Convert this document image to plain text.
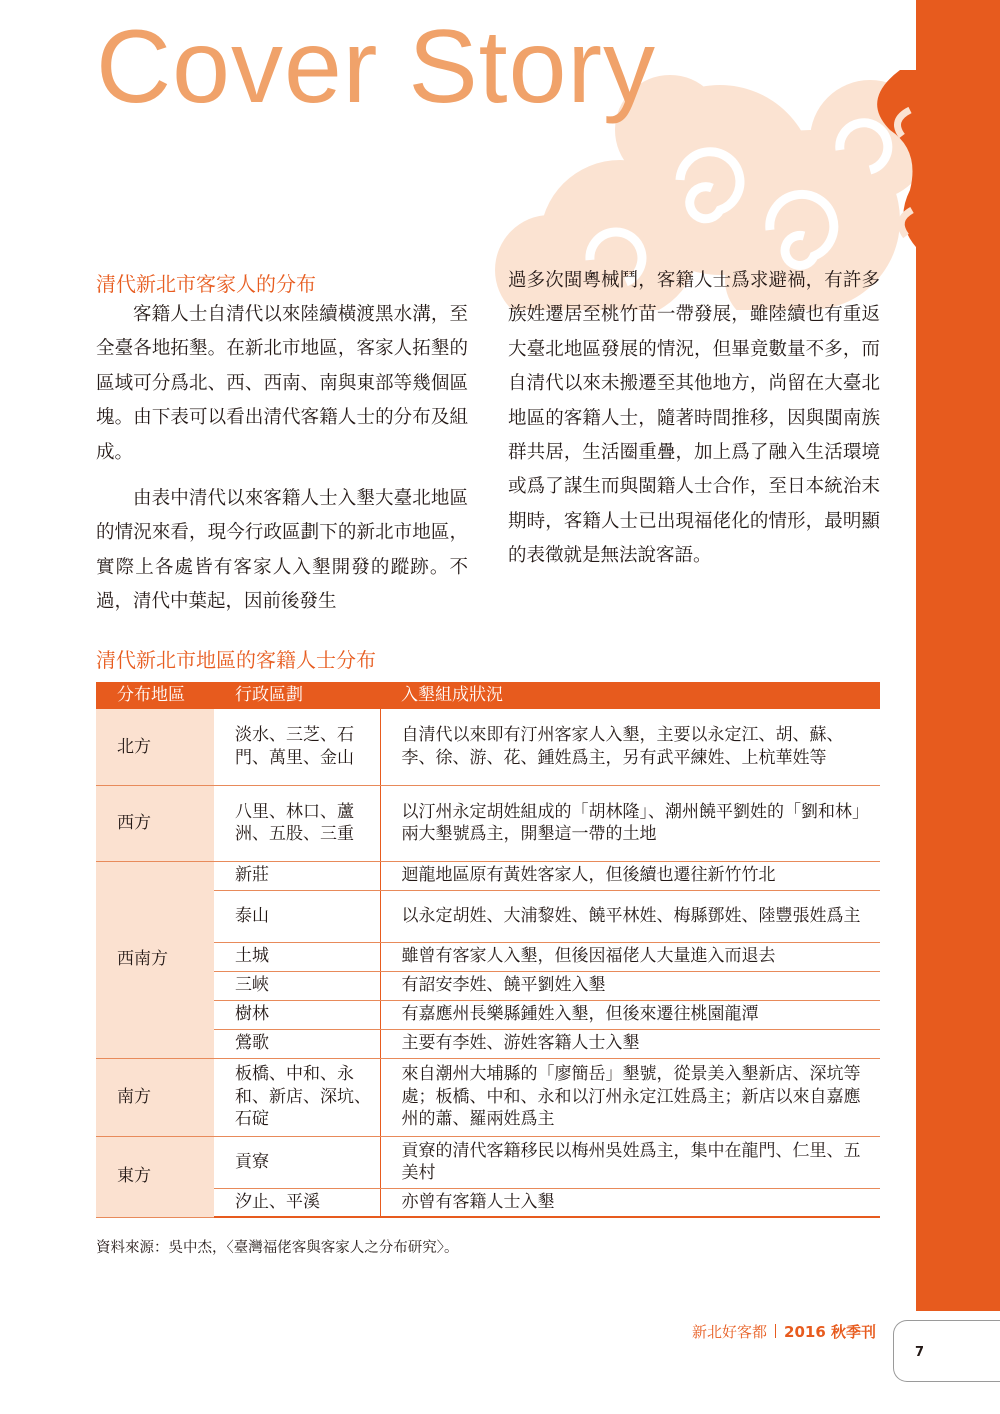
Cover Story
清代新北市客家人的分布

客籍人士自清代以來陸續橫渡黑水溝，至全臺各地拓墾。在新北市地區，客家人拓墾的區域可分爲北、西、西南、南與東部等幾個區塊。由下表可以看出清代客籍人士的分布及組成。

由表中清代以來客籍人士入墾大臺北地區的情況來看，現今行政區劃下的新北市地區，實際上各處皆有客家人入墾開發的蹤跡。不過，清代中葉起，因前後發生

過多次閩粵械鬥，客籍人士爲求避禍，有許多族姓遷居至桃竹苗一帶發展，雖陸續也有重返大臺北地區發展的情況，但畢竟數量不多，而自清代以來未搬遷至其他地方，尚留在大臺北地區的客籍人士，隨著時間推移，因與閩南族群共居，生活圈重疊，加上爲了融入生活環境或爲了謀生而與閩籍人士合作，至日本統治末期時，客籍人士已出現福佬化的情形，最明顯的表徵就是無法說客語。

清代新北市地區的客籍人士分布
分布地區	行政區劃	入墾組成狀況
北方	淡水、三芝、石門、萬里、金山	自清代以來即有汀州客家人入墾，主要以永定江、胡、蘇、李、徐、游、花、鍾姓爲主，另有武平練姓、上杭華姓等
西方	八里、林口、蘆洲、五股、三重	以汀州永定胡姓組成的「胡林隆」、潮州饒平劉姓的「劉和林」兩大墾號爲主，開墾這一帶的土地
西南方	新莊	迴龍地區原有黃姓客家人，但後續也遷往新竹竹北
	泰山	以永定胡姓、大浦黎姓、饒平林姓、梅縣鄧姓、陸豐張姓爲主
	土城	雖曾有客家人入墾，但後因福佬人大量進入而退去
	三峽	有詔安李姓、饒平劉姓入墾
	樹林	有嘉應州長樂縣鍾姓入墾，但後來遷往桃園龍潭
	鶯歌	主要有李姓、游姓客籍人士入墾
南方	板橋、中和、永和、新店、深坑、石碇	來自潮州大埔縣的「廖簡岳」墾號，從景美入墾新店、深坑等處；板橋、中和、永和以汀州永定江姓爲主；新店以來自嘉應州的蕭、羅兩姓爲主
東方	貢寮	貢寮的清代客籍移民以梅州吳姓爲主，集中在龍門、仁里、五美村
	汐止、平溪	亦曾有客籍人士入墾
資料來源：吳中杰，〈臺灣福佬客與客家人之分布研究〉。
新北好客都 2016 秋季刊
7
